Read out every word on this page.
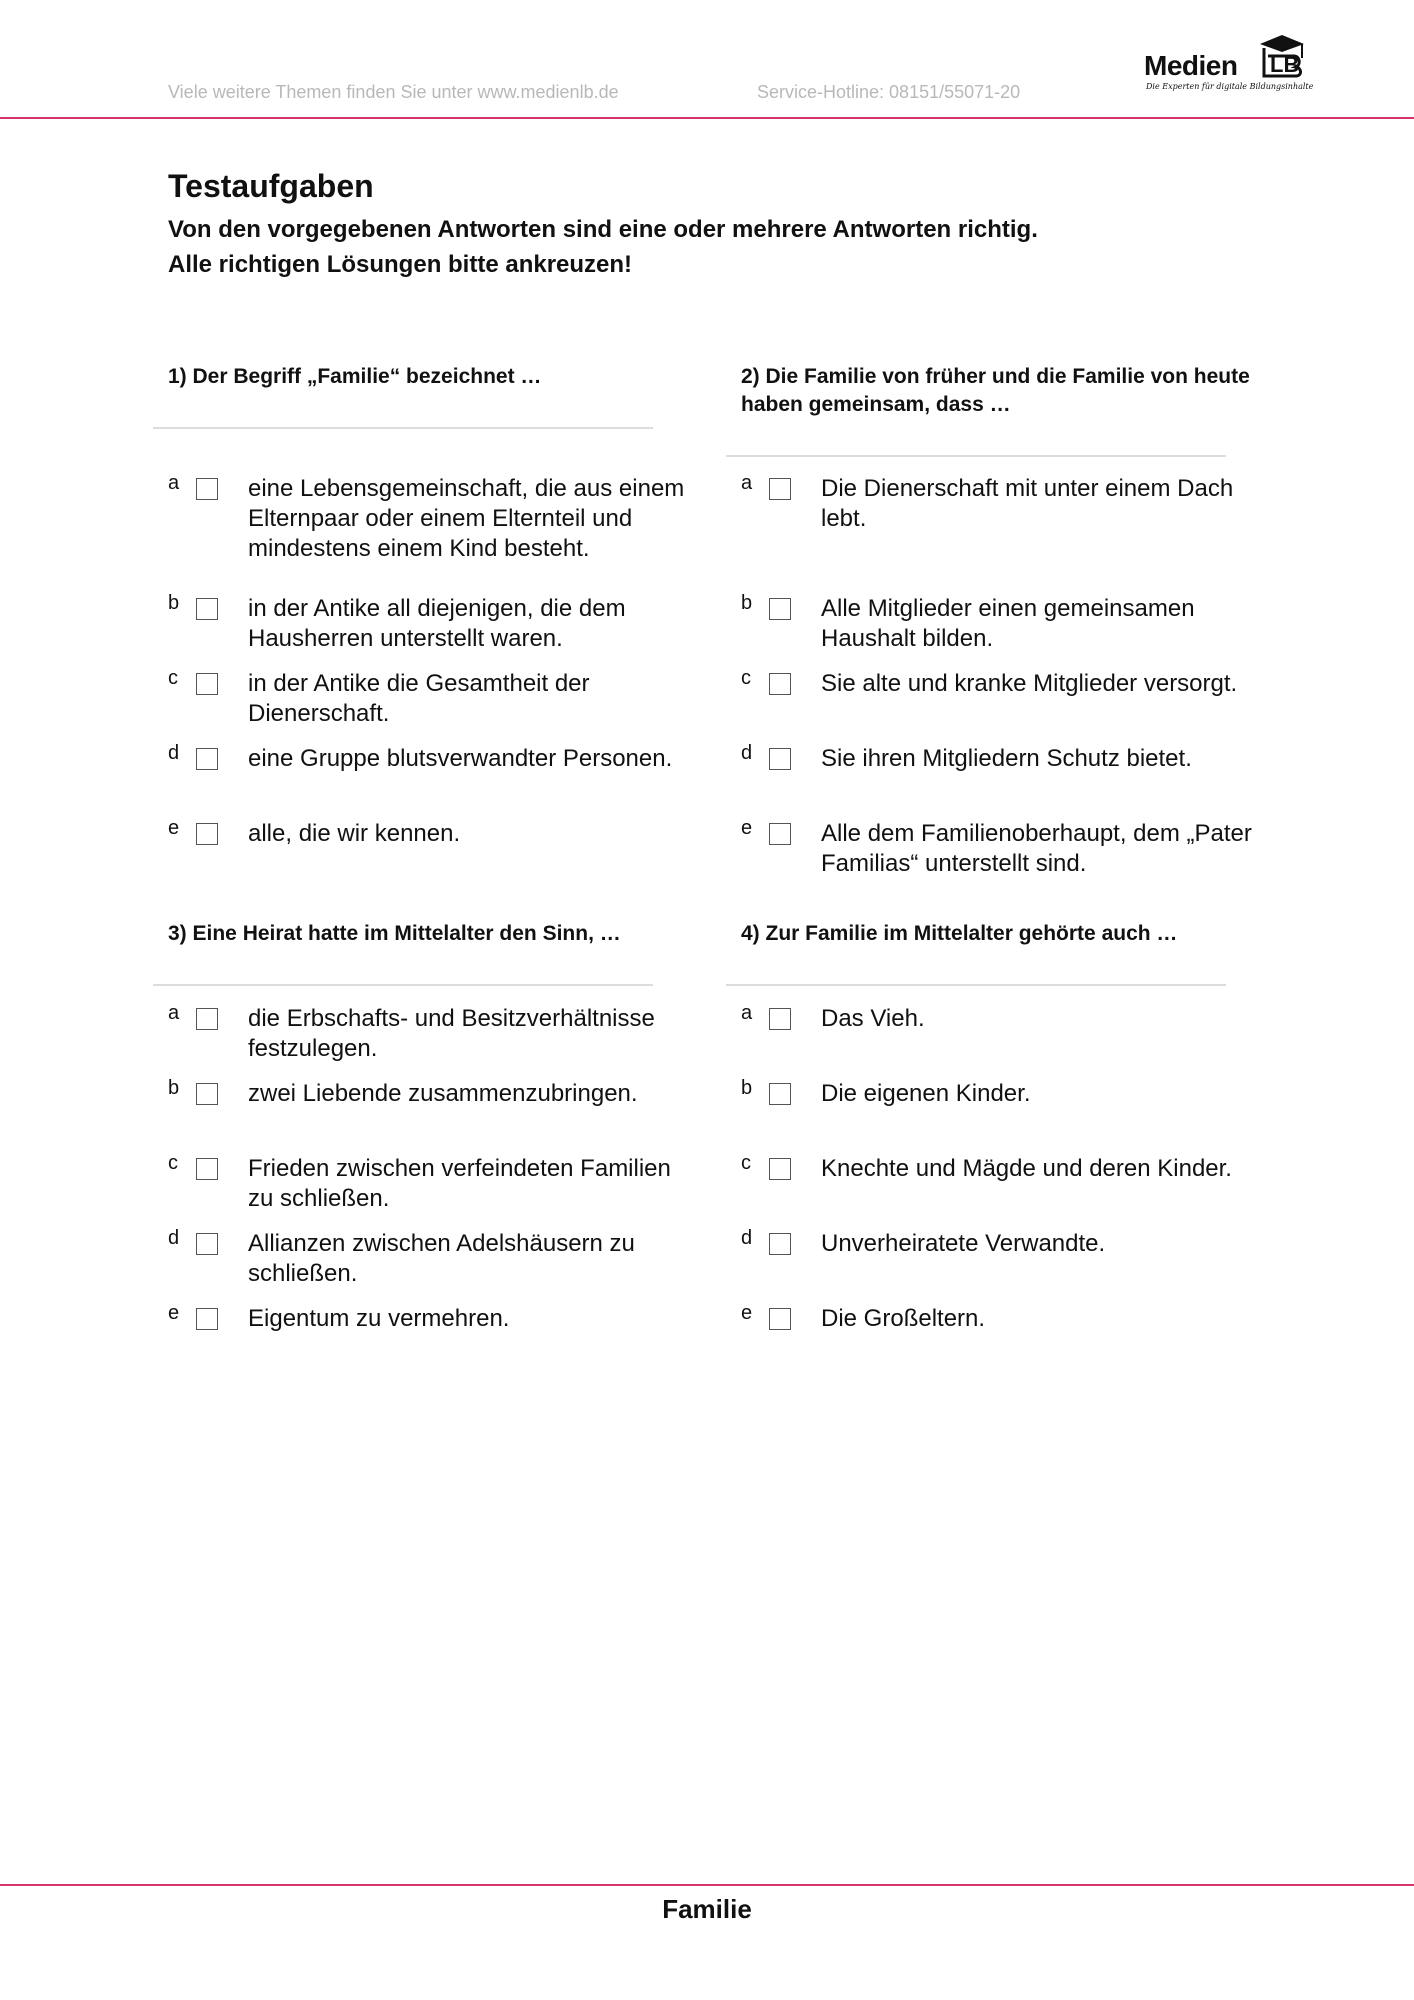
Viele weitere Themen finden Sie unter www.medienlb.de	Service-Hotline: 08151/55071-20
Medien LB
Die Experten für digitale Bildungsinhalte
Testaufgaben
Von den vorgegebenen Antworten sind eine oder mehrere Antworten richtig.
Alle richtigen Lösungen bitte ankreuzen!
1) Der Begriff „Familie“ bezeichnet …
a	eine Lebensgemeinschaft, die aus einem Elternpaar oder einem Elternteil und mindestens einem Kind besteht.
b	in der Antike all diejenigen, die dem Hausherren unterstellt waren.
c	in der Antike die Gesamtheit der Dienerschaft.
d	eine Gruppe blutsverwandter Personen.
e	alle, die wir kennen.
2) Die Familie von früher und die Familie von heute haben gemeinsam, dass …
a	Die Dienerschaft mit unter einem Dach lebt.
b	Alle Mitglieder einen gemeinsamen Haushalt bilden.
c	Sie alte und kranke Mitglieder versorgt.
d	Sie ihren Mitgliedern Schutz bietet.
e	Alle dem Familienoberhaupt, dem „Pater Familias“ unterstellt sind.
3) Eine Heirat hatte im Mittelalter den Sinn, …
a	die Erbschafts- und Besitzverhältnisse festzulegen.
b	zwei Liebende zusammenzubringen.
c	Frieden zwischen verfeindeten Familien zu schließen.
d	Allianzen zwischen Adelshäusern zu schließen.
e	Eigentum zu vermehren.
4) Zur Familie im Mittelalter gehörte auch …
a	Das Vieh.
b	Die eigenen Kinder.
c	Knechte und Mägde und deren Kinder.
d	Unverheiratete Verwandte.
e	Die Großeltern.
Familie
